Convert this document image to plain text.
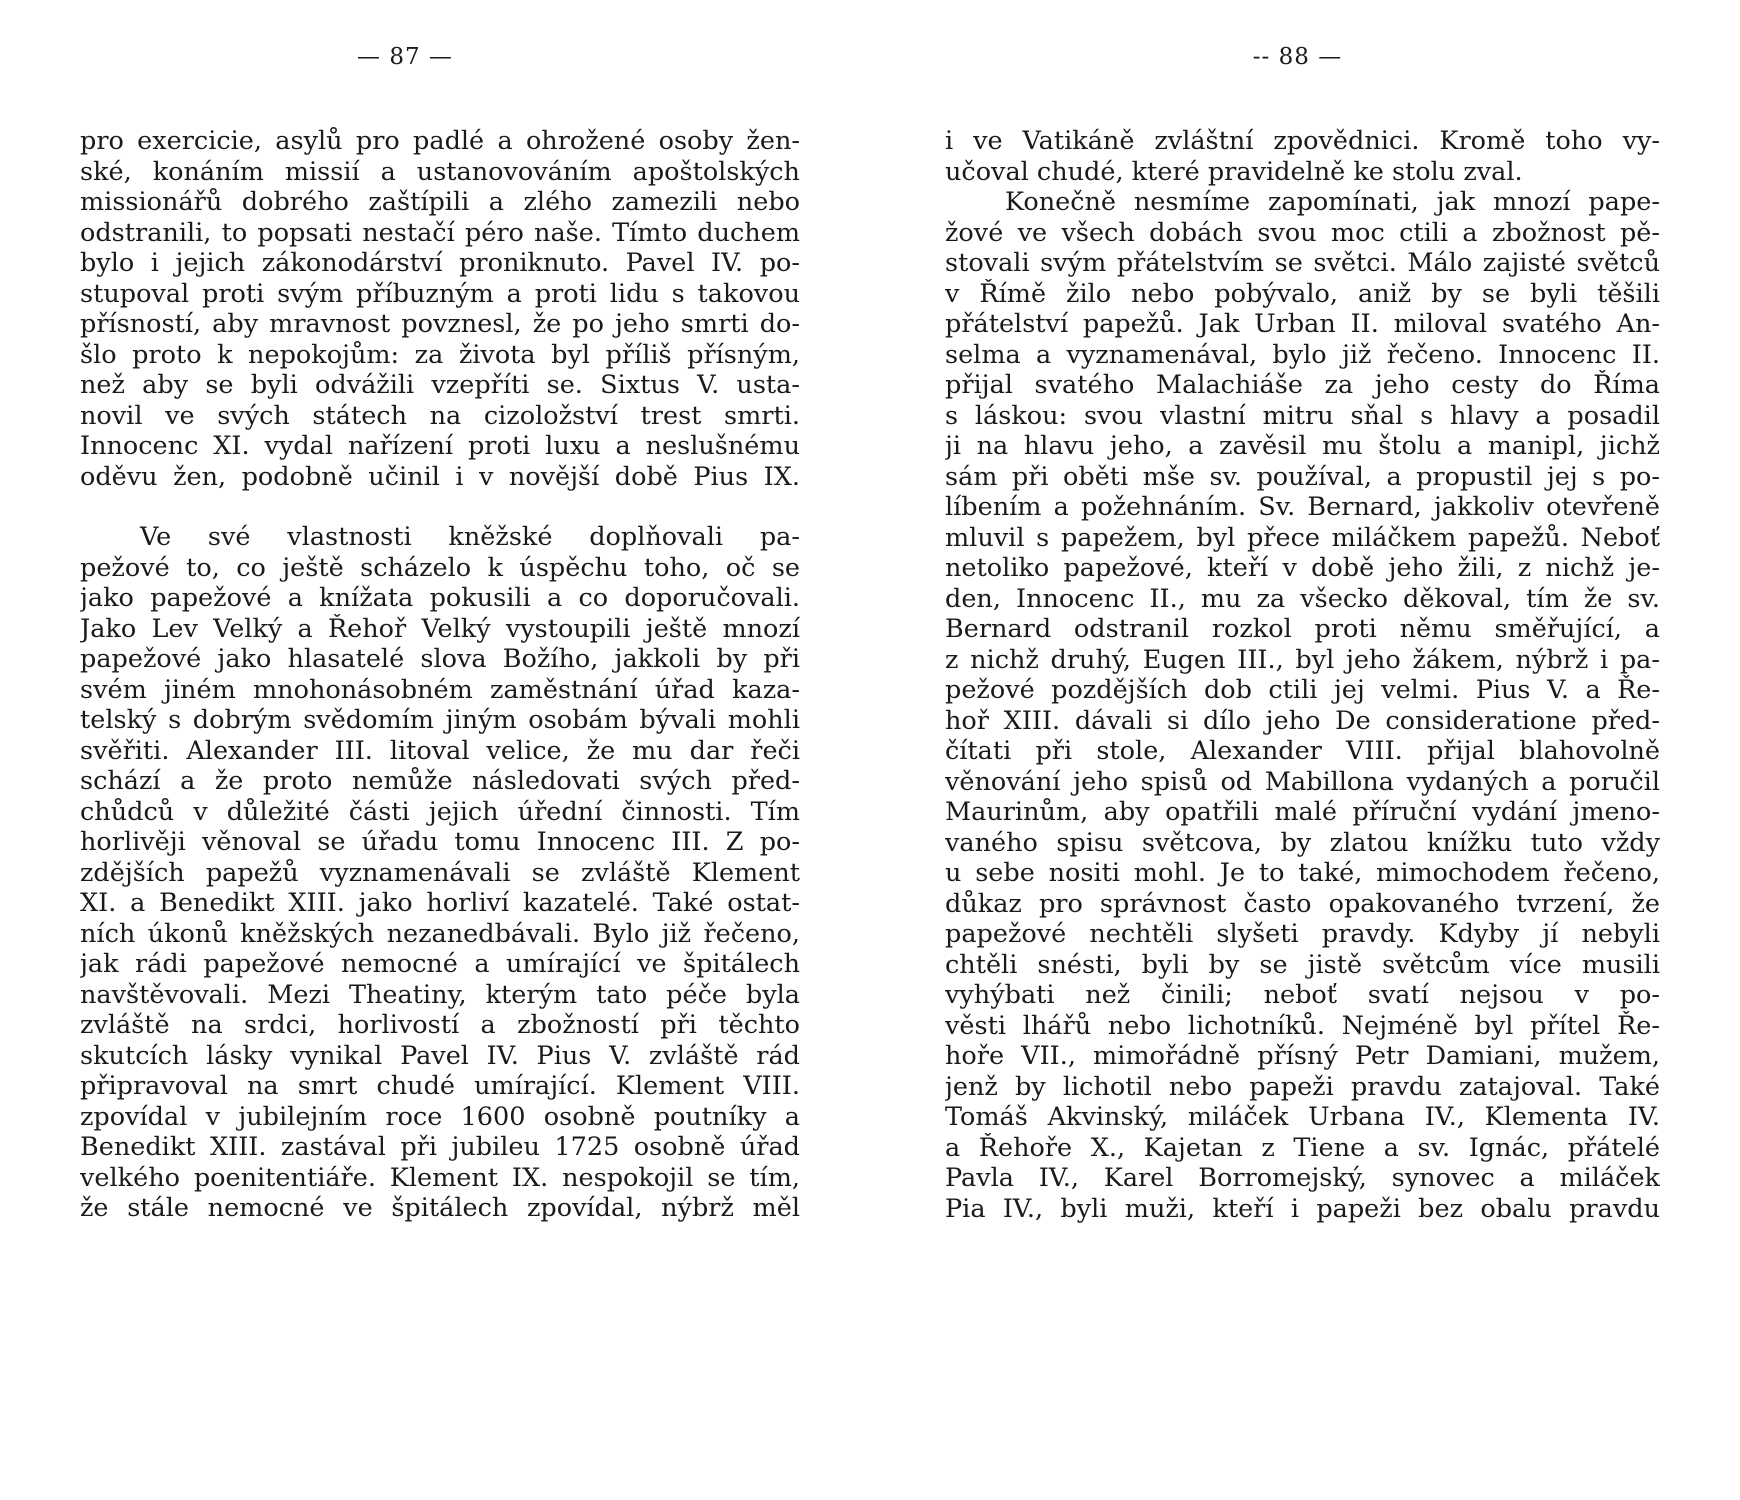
— 87 —
pro exercicie, asylů pro padlé a ohrožené osoby žen-
ské, konáním missií a ustanovováním apoštolských
missionářů dobrého zaštípili a zlého zamezili nebo
odstranili, to popsati nestačí péro naše. Tímto duchem
bylo i jejich zákonodárství proniknuto. Pavel IV. po-
stupoval proti svým příbuzným a proti lidu s takovou
přísností, aby mravnost povznesl, že po jeho smrti do-
šlo proto k nepokojům: za života byl příliš přísným,
než aby se byli odvážili vzepříti se. Sixtus V. usta-
novil ve svých státech na cizoložství trest smrti.
Innocenc XI. vydal nařízení proti luxu a neslušnému
oděvu žen, podobně učinil i v novější době Pius IX.
Ve své vlastnosti kněžské doplňovali pa-
pežové to, co ještě scházelo k úspěchu toho, oč se
jako papežové a knížata pokusili a co doporučovali.
Jako Lev Velký a Řehoř Velký vystoupili ještě mnozí
papežové jako hlasatelé slova Božího, jakkoli by při
svém jiném mnohonásobném zaměstnání úřad kaza-
telský s dobrým svědomím jiným osobám bývali mohli
svěřiti. Alexander III. litoval velice, že mu dar řeči
schází a že proto nemůže následovati svých před-
chůdců v důležité části jejich úřední činnosti. Tím
horlivěji věnoval se úřadu tomu Innocenc III. Z po-
zdějších papežů vyznamenávali se zvláště Klement
XI. a Benedikt XIII. jako horliví kazatelé. Také ostat-
ních úkonů kněžských nezanedbávali. Bylo již řečeno,
jak rádi papežové nemocné a umírající ve špitálech
navštěvovali. Mezi Theatiny, kterým tato péče byla
zvláště na srdci, horlivostí a zbožností při těchto
skutcích lásky vynikal Pavel IV. Pius V. zvláště rád
připravoval na smrt chudé umírající. Klement VIII.
zpovídal v jubilejním roce 1600 osobně poutníky a
Benedikt XIII. zastával při jubileu 1725 osobně úřad
velkého poenitentiáře. Klement IX. nespokojil se tím,
že stále nemocné ve špitálech zpovídal, nýbrž měl
-- 88 —
i ve Vatikáně zvláštní zpovědnici. Kromě toho vy-
učoval chudé, které pravidelně ke stolu zval.
Konečně nesmíme zapomínati, jak mnozí pape-
žové ve všech dobách svou moc ctili a zbožnost pě-
stovali svým přátelstvím se světci. Málo zajisté světců
v Římě žilo nebo pobývalo, aniž by se byli těšili
přátelství papežů. Jak Urban II. miloval svatého An-
selma a vyznamenával, bylo již řečeno. Innocenc II.
přijal svatého Malachiáše za jeho cesty do Říma
s láskou: svou vlastní mitru sňal s hlavy a posadil
ji na hlavu jeho, a zavěsil mu štolu a manipl, jichž
sám při oběti mše sv. používal, a propustil jej s po-
líbením a požehnáním. Sv. Bernard, jakkoliv otevřeně
mluvil s papežem, byl přece miláčkem papežů. Neboť
netoliko papežové, kteří v době jeho žili, z nichž je-
den, Innocenc II., mu za všecko děkoval, tím že sv.
Bernard odstranil rozkol proti němu směřující, a
z nichž druhý, Eugen III., byl jeho žákem, nýbrž i pa-
pežové pozdějších dob ctili jej velmi. Pius V. a Ře-
hoř XIII. dávali si dílo jeho De consideratione před-
čítati při stole, Alexander VIII. přijal blahovolně
věnování jeho spisů od Mabillona vydaných a poručil
Maurinům, aby opatřili malé příruční vydání jmeno-
vaného spisu světcova, by zlatou knížku tuto vždy
u sebe nositi mohl. Je to také, mimochodem řečeno,
důkaz pro správnost často opakovaného tvrzení, že
papežové nechtěli slyšeti pravdy. Kdyby jí nebyli
chtěli snésti, byli by se jistě světcům více musili
vyhýbati než činili; neboť svatí nejsou v po-
věsti lhářů nebo lichotníků. Nejméně byl přítel Ře-
hoře VII., mimořádně přísný Petr Damiani, mužem,
jenž by lichotil nebo papeži pravdu zatajoval. Také
Tomáš Akvinský, miláček Urbana IV., Klementa IV.
a Řehoře X., Kajetan z Tiene a sv. Ignác, přátelé
Pavla IV., Karel Borromejský, synovec a miláček
Pia IV., byli muži, kteří i papeži bez obalu pravdu
